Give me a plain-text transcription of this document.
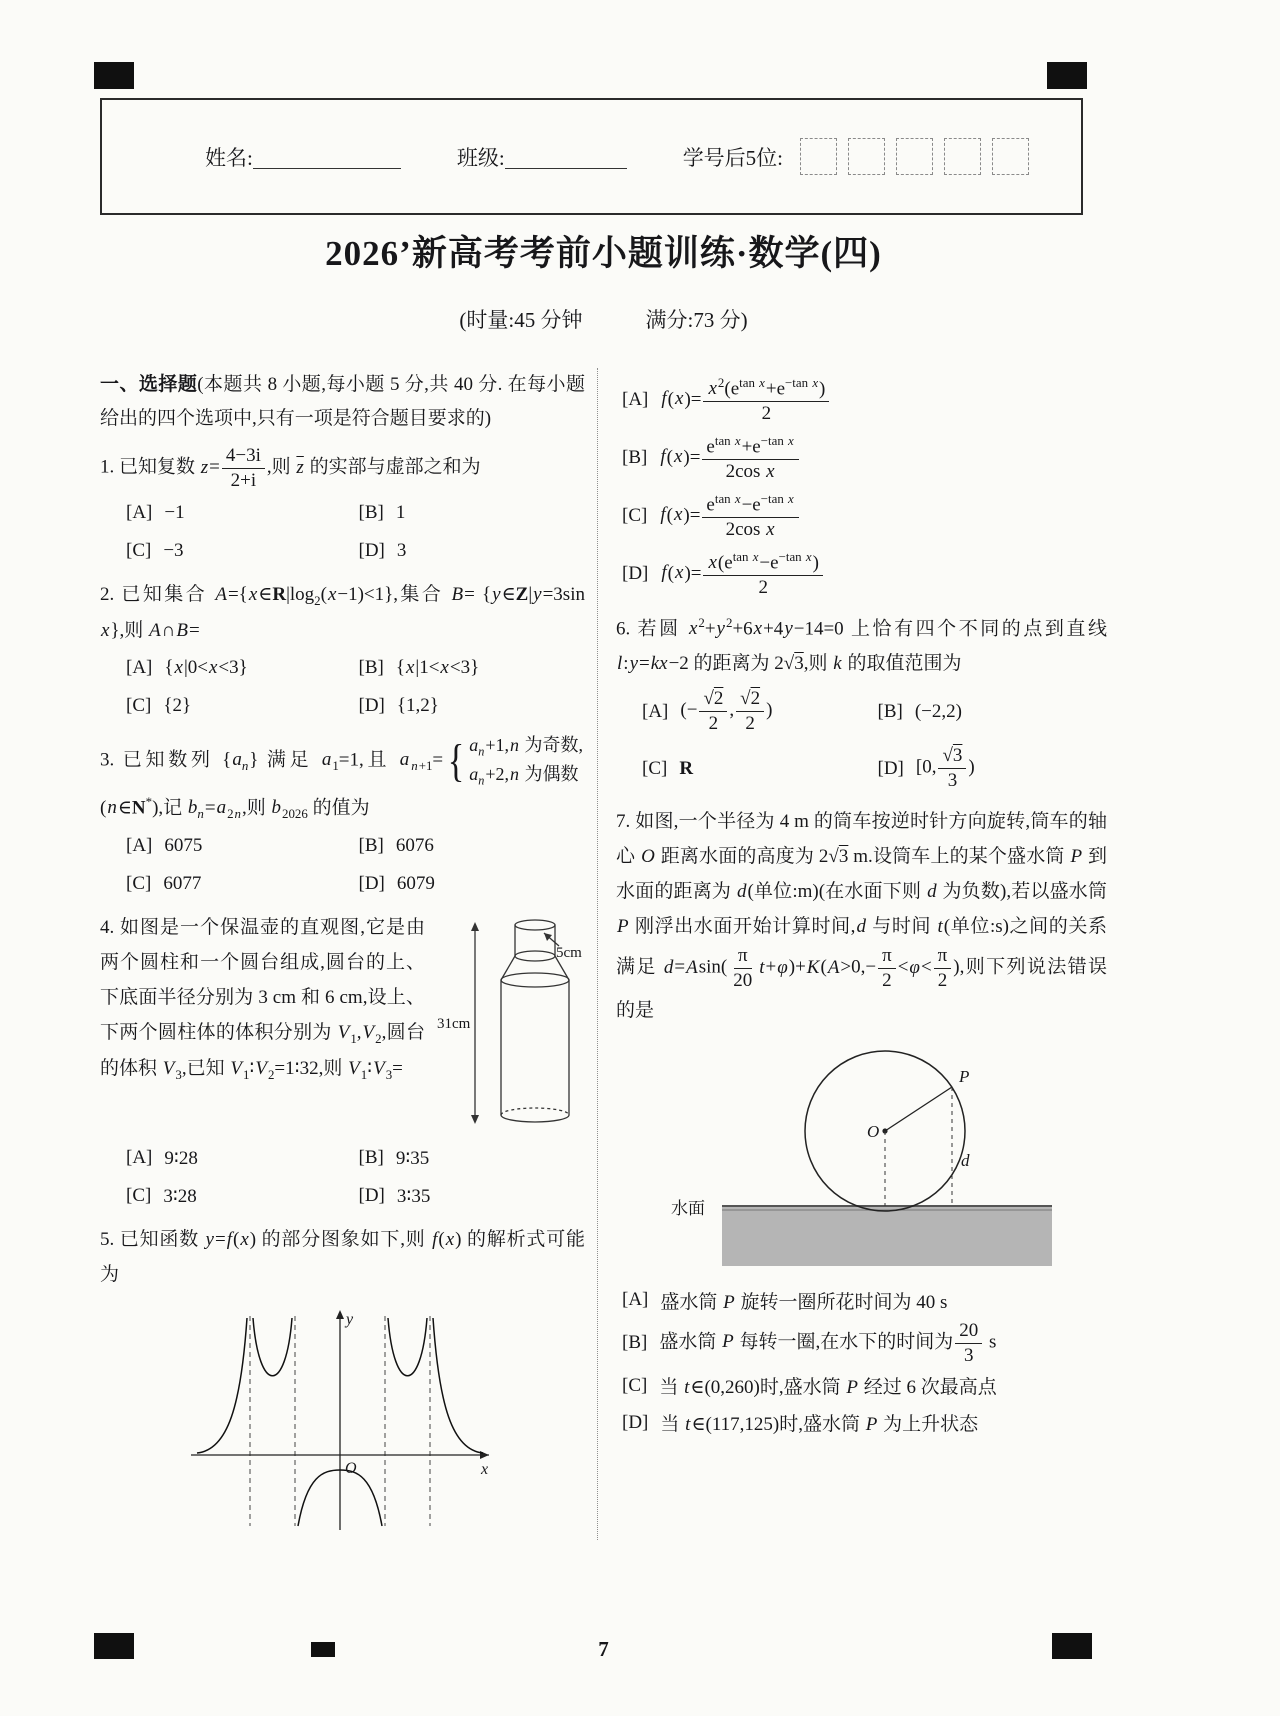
姓名:	班级:	学号后5位:
2026’新高考考前小题训练·数学(四)
(时量:45 分钟　　　满分:73 分)
一、选择题(本题共 8 小题,每小题 5 分,共 40 分. 在每小题给出的四个选项中,只有一项是符合题目要求的)
1. 已知复数 $z= \frac{4-3i}{2+i}$ ,则 $\overline{z}$ 的实部与虚部之和为
[A] −1	[B] 1
[C] −3	[D] 3
2. 已知集合 $A=\{x\in R|\log_2(x-1)<1\}$,集合 B= {y∈Z|y=3sin x},则 A∩B=
[A] {x|0<x<3}	[B] {x|1<x<3}
[C] {2}	[D] {1,2}
3. 已知数列 $\{a_n\}$ 满足 $a_1=1$,且 a $_{n+1}$= { $a_n+1,n$ 为奇数,
$a_n+2,n$ 为偶数
(n∈N*),记 $b_n=a_{2n}$,则 $b_{2026}$ 的值为
[A] 6075	[B] 6076
[C] 6077	[D] 6079
31cm
5cm
4. 如图是一个保温壶的直观图,它是由两个圆柱和一个圆台组成,圆台的上、下底面半径分别为 3 cm 和 6 cm,设上、下两个圆柱体的体积分别为 $V_1,V_2$,圆台的体积 $V_3$,已知 $V_1∶V_2=1∶32$,则 $V_1∶V_3=$
[A] 9∶28	[B] 9∶35
[C] 3∶28	[D] 3∶35
5. 已知函数 y=f(x) 的部分图象如下,则 f(x) 的解析式可能为
y
x
O
[A] $f(x)= \frac{x^2(e^{tan x}+e^{-tan x})}{2}$
[B] $f(x)= \frac{e^{tan x}+e^{-tan x}}{\text{2cos x}}$
[C] $f(x)= \frac{e^{tan x}-e^{-tan x}}{\text{2cos x}}$
[D] $f(x)= \frac{x(e^{tan x}-e^{-tan x})}{2}$
6. 若圆 $x^2+y^2+6x+4y-14=0$ 上恰有四个不同的点到直线 l:y=kx−2 的距离为 2√3,则 k 的取值范围为
[A] (− $\frac{√2}{2}$ , $\frac{√2}{2}$ )	[B] (−2,2)
[C] R	[D] [0, $\frac{√3}{3}$ )
7. 如图,一个半径为 4 m 的筒车按逆时针方向旋转,筒车的轴心 O 距离水面的高度为 2√3 m.设筒车上的某个盛水筒 P 到水面的距离为 d(单位:m)(在水面下则 d 为负数),若以盛水筒 P 刚浮出水面开始计算时间,d 与时间 t(单位:s)之间的关系满足 $d=Asin( \frac{\pi}{20} t+\varphi)+K(A>0,- \frac{\pi}{2} <\varphi< \frac{\pi}{2}$ ),则下列说法错误的是
O
P
d
水面
[A] 盛水筒 P 旋转一圈所花时间为 40 s
[B] 盛水筒 P 每转一圈,在水下的时间为 $\frac{20}{3}$ s
[C] 当 t∈(0,260)时,盛水筒 P 经过 6 次最高点
[D] 当 t∈(117,125)时,盛水筒 P 为上升状态
7
